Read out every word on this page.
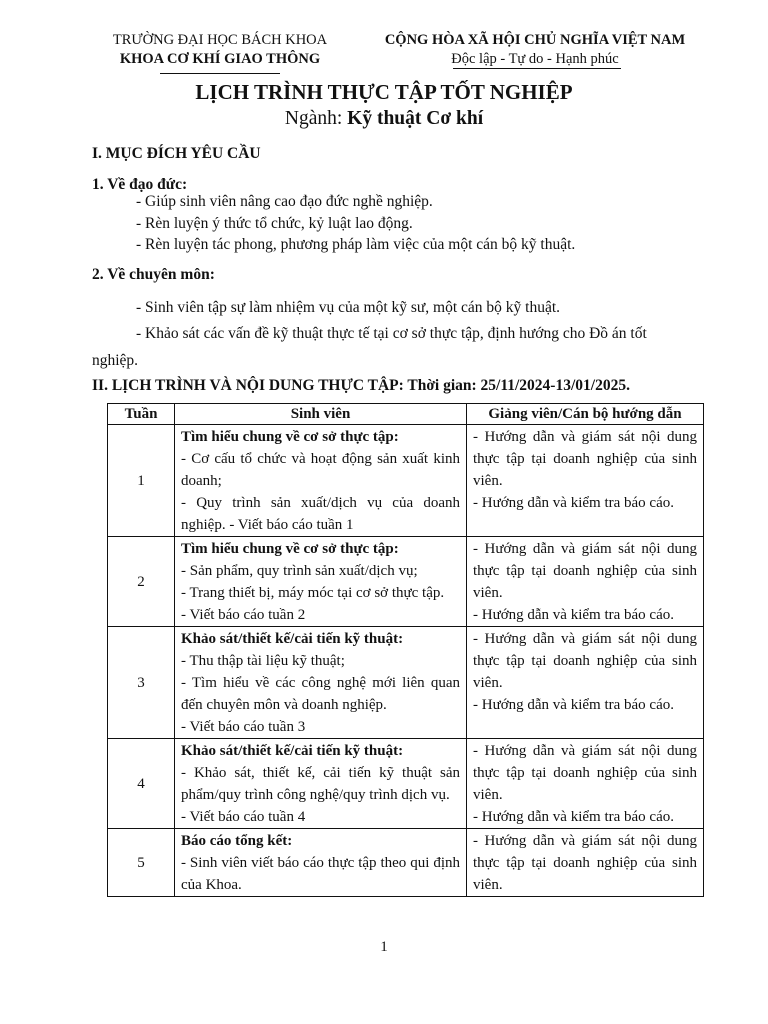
TRƯỜNG ĐẠI HỌC BÁCH KHOA
KHOA CƠ KHÍ GIAO THÔNG
CỘNG HÒA XÃ HỘI CHỦ NGHĨA VIỆT NAM
Độc lập - Tự do - Hạnh phúc
LỊCH TRÌNH THỰC TẬP TỐT NGHIỆP
Ngành: Kỹ thuật Cơ khí
I. MỤC ĐÍCH YÊU CẦU
1. Về đạo đức:
- Giúp sinh viên nâng cao đạo đức nghề nghiệp.
- Rèn luyện ý thức tổ chức, kỷ luật lao động.
- Rèn luyện tác phong, phương pháp làm việc của một cán bộ kỹ thuật.
2. Về chuyên môn:
- Sinh viên tập sự làm nhiệm vụ của một kỹ sư, một cán bộ kỹ thuật.
- Khảo sát các vấn đề kỹ thuật thực tế tại cơ sở thực tập, định hướng cho Đồ án tốt
nghiệp.
II. LỊCH TRÌNH VÀ NỘI DUNG THỰC TẬP: Thời gian: 25/11/2024-13/01/2025.
Tuần	Sinh viên	Giảng viên/Cán bộ hướng dẫn
1	Tìm hiểu chung về cơ sở thực tập:
- Cơ cấu tổ chức và hoạt động sản xuất kinh doanh;
- Quy trình sản xuất/dịch vụ của doanh nghiệp. - Viết báo cáo tuần 1	- Hướng dẫn và giám sát nội dung thực tập tại doanh nghiệp của sinh viên.
- Hướng dẫn và kiểm tra báo cáo.

2	Tìm hiểu chung về cơ sở thực tập:
- Sản phẩm, quy trình sản xuất/dịch vụ;
- Trang thiết bị, máy móc tại cơ sở thực tập.
- Viết báo cáo tuần 2	- Hướng dẫn và giám sát nội dung thực tập tại doanh nghiệp của sinh viên.
- Hướng dẫn và kiểm tra báo cáo.

3	Khảo sát/thiết kế/cải tiến kỹ thuật:
- Thu thập tài liệu kỹ thuật;
- Tìm hiểu về các công nghệ mới liên quan đến chuyên môn và doanh nghiệp.
- Viết báo cáo tuần 3	- Hướng dẫn và giám sát nội dung thực tập tại doanh nghiệp của sinh viên.
- Hướng dẫn và kiểm tra báo cáo.

4	Khảo sát/thiết kế/cải tiến kỹ thuật:
- Khảo sát, thiết kế, cải tiến kỹ thuật sản phẩm/quy trình công nghệ/quy trình dịch vụ.
- Viết báo cáo tuần 4	- Hướng dẫn và giám sát nội dung thực tập tại doanh nghiệp của sinh viên.
- Hướng dẫn và kiểm tra báo cáo.

5	Báo cáo tổng kết:
- Sinh viên viết báo cáo thực tập theo qui định của Khoa.	- Hướng dẫn và giám sát nội dung thực tập tại doanh nghiệp của sinh viên.
1
